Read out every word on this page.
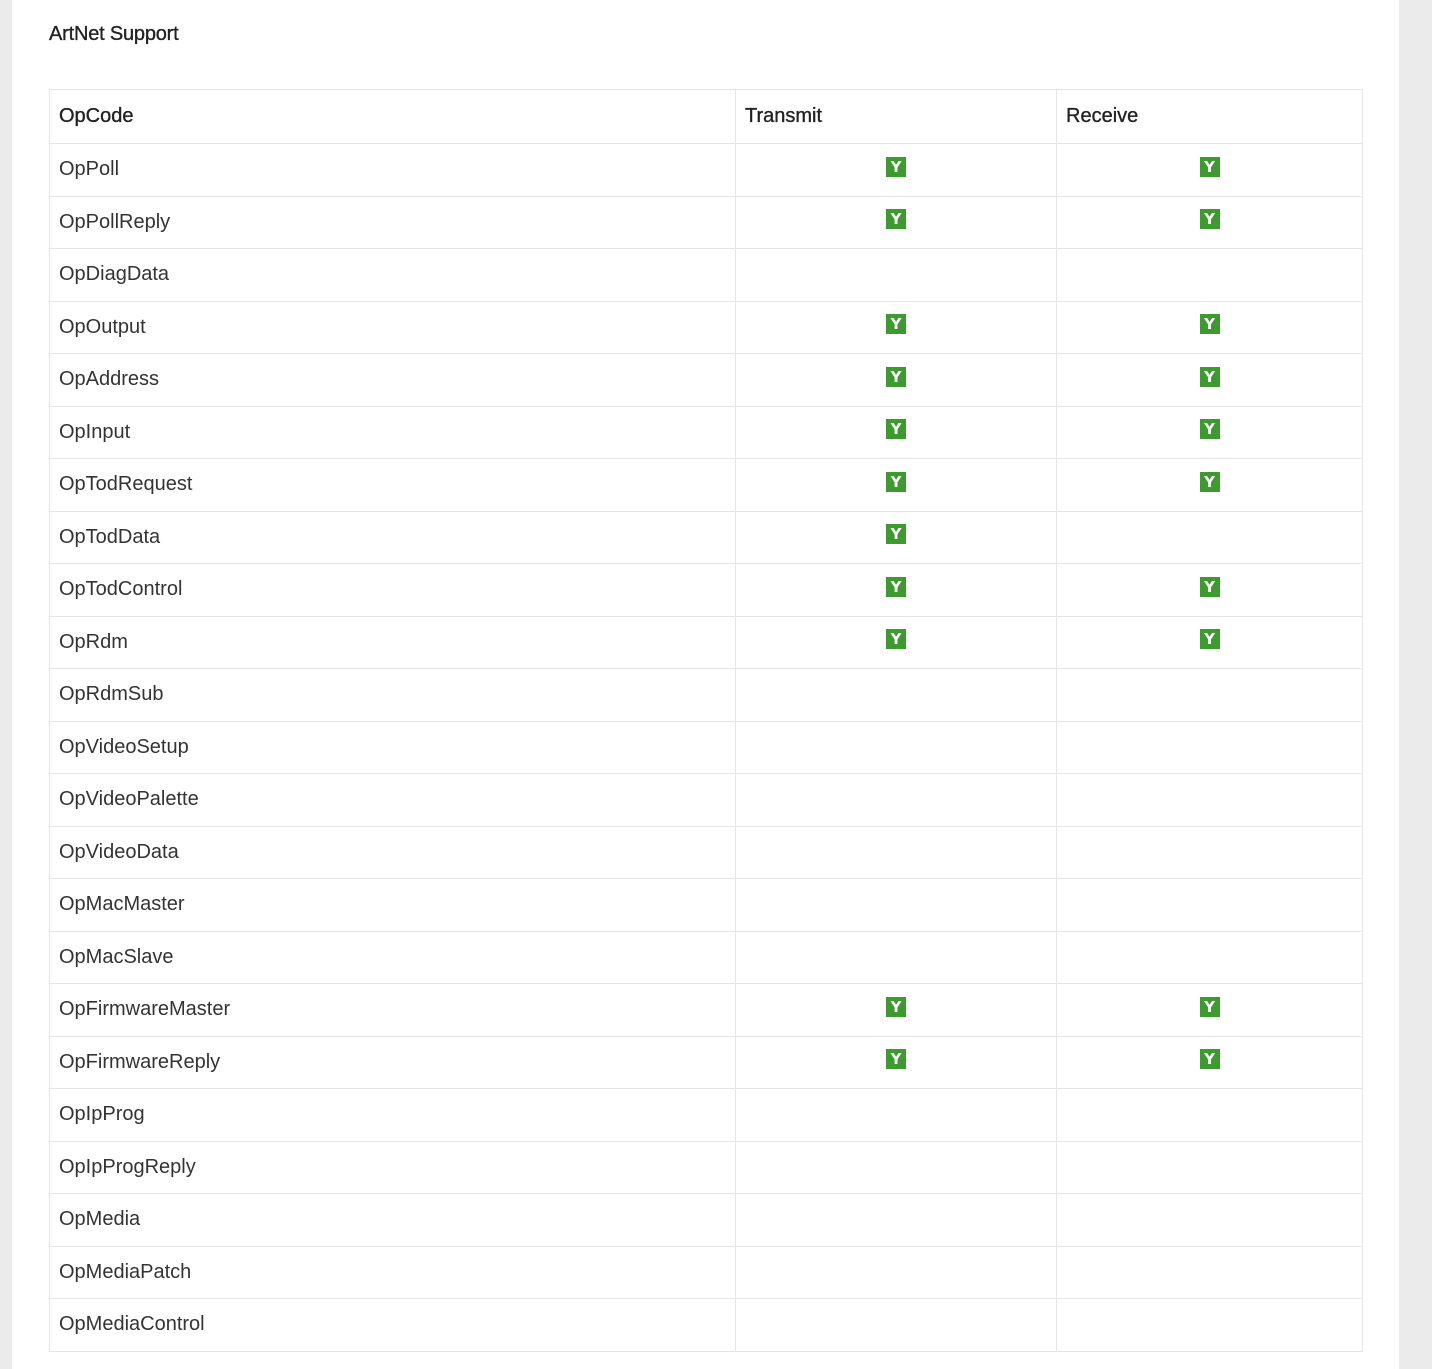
ArtNet Support
OpCode	Transmit	Receive
OpPoll	Y	Y
OpPollReply	Y	Y
OpDiagData		
OpOutput	Y	Y
OpAddress	Y	Y
OpInput	Y	Y
OpTodRequest	Y	Y
OpTodData	Y	
OpTodControl	Y	Y
OpRdm	Y	Y
OpRdmSub		
OpVideoSetup		
OpVideoPalette		
OpVideoData		
OpMacMaster		
OpMacSlave		
OpFirmwareMaster	Y	Y
OpFirmwareReply	Y	Y
OpIpProg		
OpIpProgReply		
OpMedia		
OpMediaPatch		
OpMediaControl		
